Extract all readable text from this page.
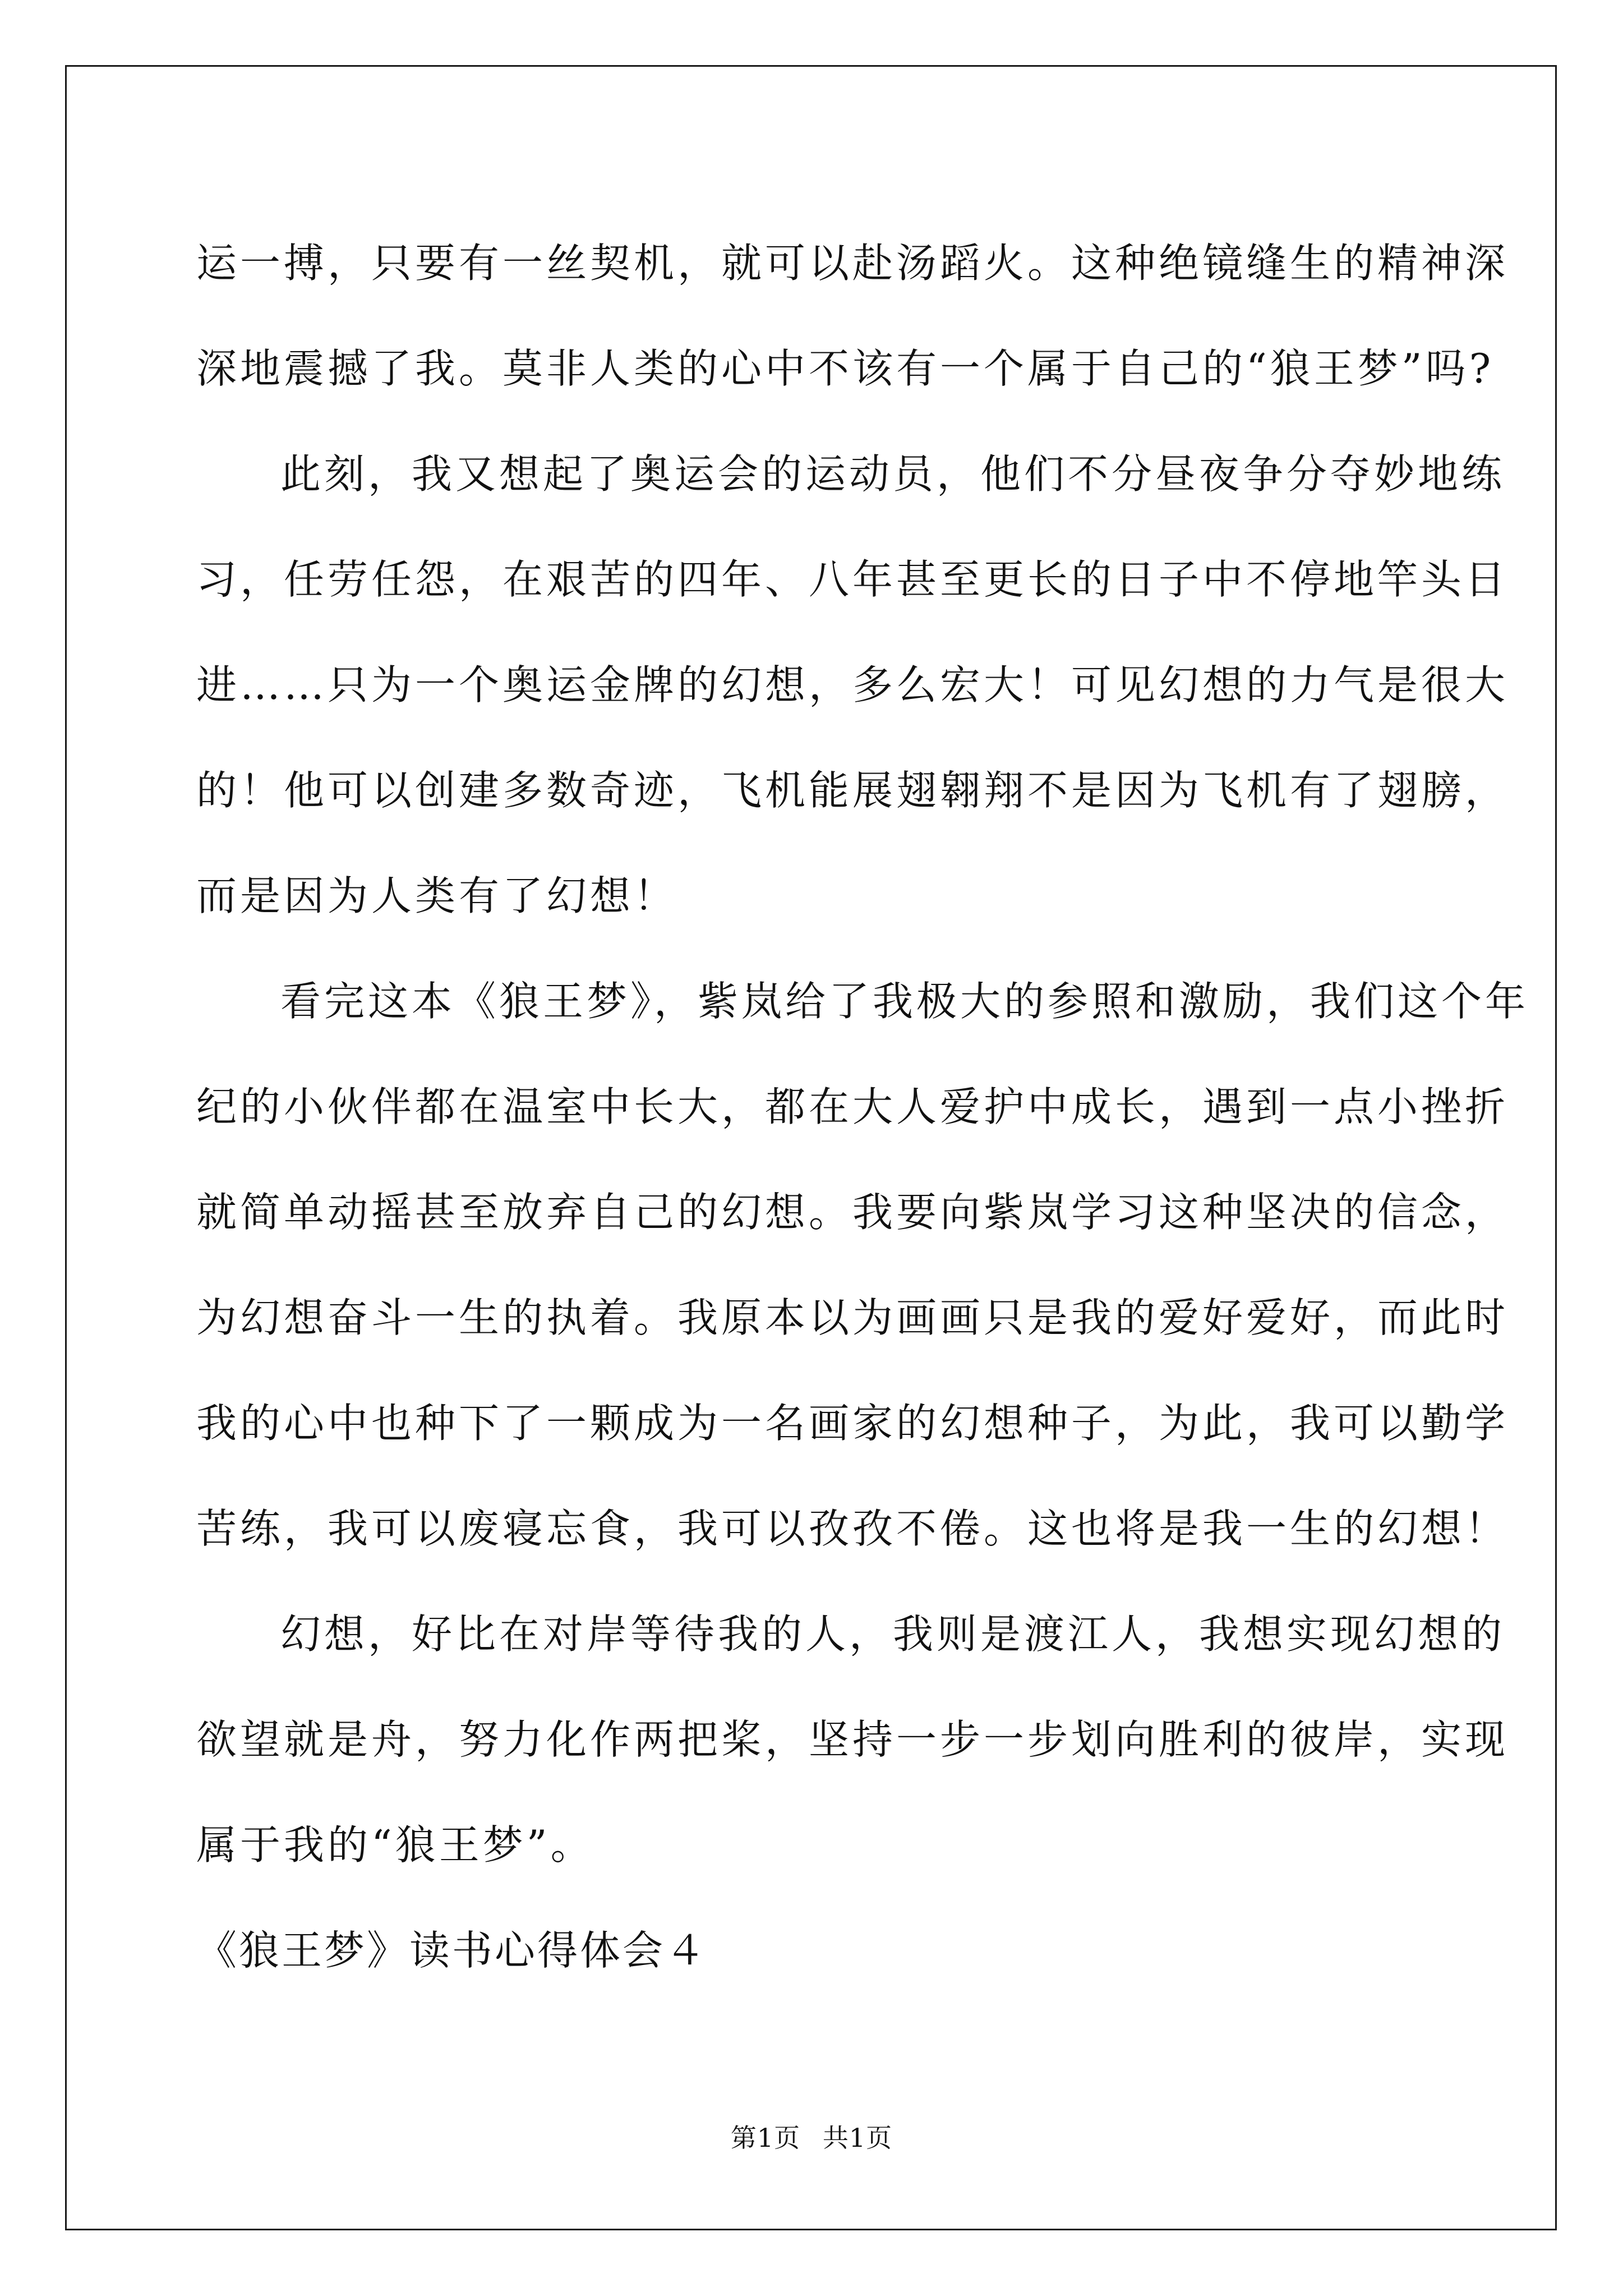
运一搏，只要有一丝契机，就可以赴汤蹈火。这种绝镜缝生的精神深
深地震撼了我。莫非人类的心中不该有一个属于自己的“狼王梦”吗?
此刻，我又想起了奥运会的运动员，他们不分昼夜争分夺妙地练
习，任劳任怨，在艰苦的四年、八年甚至更长的日子中不停地竿头日
进……只为一个奥运金牌的幻想，多么宏大！可见幻想的力气是很大
的！他可以创建多数奇迹，飞机能展翅翱翔不是因为飞机有了翅膀，
而是因为人类有了幻想！
看完这本《狼王梦》，紫岚给了我极大的参照和激励，我们这个年
纪的小伙伴都在温室中长大，都在大人爱护中成长，遇到一点小挫折
就简单动摇甚至放弃自己的幻想。我要向紫岚学习这种坚决的信念，
为幻想奋斗一生的执着。我原本以为画画只是我的爱好爱好，而此时
我的心中也种下了一颗成为一名画家的幻想种子，为此，我可以勤学
苦练，我可以废寝忘食，我可以孜孜不倦。这也将是我一生的幻想！
幻想，好比在对岸等待我的人，我则是渡江人，我想实现幻想的
欲望就是舟，努力化作两把桨，坚持一步一步划向胜利的彼岸，实现
属于我的“狼王梦”。
《狼王梦》读书心得体会４
第1页 共1页
